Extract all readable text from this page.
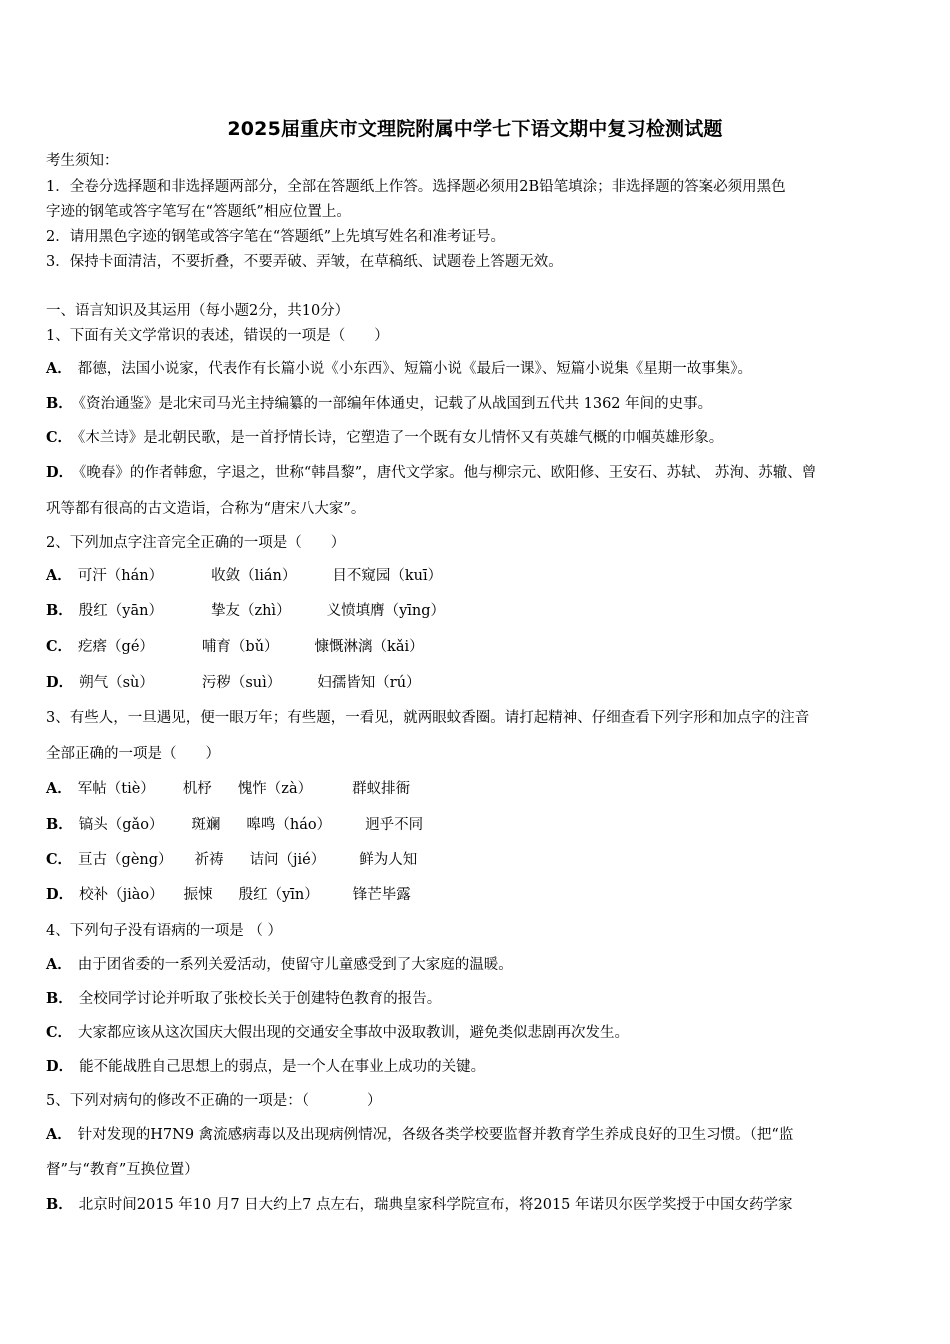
2025届重庆市文理院附属中学七下语文期中复习检测试题
考生须知：
1．全卷分选择题和非选择题两部分，全部在答题纸上作答。选择题必须用2B铅笔填涂；非选择题的答案必须用黑色
字迹的钢笔或答字笔写在“答题纸”相应位置上。
2．请用黑色字迹的钢笔或答字笔在“答题纸”上先填写姓名和准考证号。
3．保持卡面清洁，不要折叠，不要弄破、弄皱，在草稿纸、试题卷上答题无效。
一、语言知识及其运用（每小题2分，共10分）
1、下面有关文学常识的表述，错误的一项是（　　）
A． 都德，法国小说家，代表作有长篇小说《小东西》、短篇小说《最后一课》、短篇小说集《星期一故事集》。
B． 《资治通鉴》是北宋司马光主持编纂的一部编年体通史，记载了从战国到五代共 1362 年间的史事。
C． 《木兰诗》是北朝民歌，是一首抒情长诗，它塑造了一个既有女儿情怀又有英雄气概的巾帼英雄形象。
D． 《晚春》的作者韩愈，字退之，世称“韩昌黎”，唐代文学家。他与柳宗元、欧阳修、王安石、苏轼、 苏洵、苏辙、曾
巩等都有很高的古文造诣，合称为“唐宋八大家”。
2、下列加点字注音完全正确的一项是（　　）
A． 可汗（hán）	收敛（lián） 目不窥园（kuī）
B． 殷红（yān）	挚友（zhì） 义愤填膺（yīng）
C． 疙瘩（gé）	哺育（bǔ） 慷慨淋漓（kǎi）
D． 朔气（sù）	污秽（suì） 妇孺皆知（rú）
3、有些人，一旦遇见，便一眼万年；有些题，一看见，就两眼蚊香圈。请打起精神、仔细查看下列字形和加点字的注音
全部正确的一项是（　　）
A． 军帖（tiè） 机杼 愧怍（zà）	群蚁排衙
B． 镐头（gǎo） 斑斓 嗥鸣（háo） 迥乎不同
C． 亘古（gèng） 祈祷 诘问（jié） 鲜为人知
D． 校补（jiào） 振悚 殷红（yīn） 锋芒毕露
4、下列句子没有语病的一项是 （ ）
A． 由于团省委的一系列关爱活动，使留守儿童感受到了大家庭的温暖。
B． 全校同学讨论并听取了张校长关于创建特色教育的报告。
C． 大家都应该从这次国庆大假出现的交通安全事故中汲取教训，避免类似悲剧再次发生。
D． 能不能战胜自己思想上的弱点，是一个人在事业上成功的关键。
5、下列对病句的修改不正确的一项是：（　　　　）
A． 针对发现的H7N9 禽流感病毒以及出现病例情况，各级各类学校要监督并教育学生养成良好的卫生习惯。（把“监
督”与“教育”互换位置）
B． 北京时间2015 年10 月7 日大约上7 点左右，瑞典皇家科学院宣布，将2015 年诺贝尔医学奖授于中国女药学家
